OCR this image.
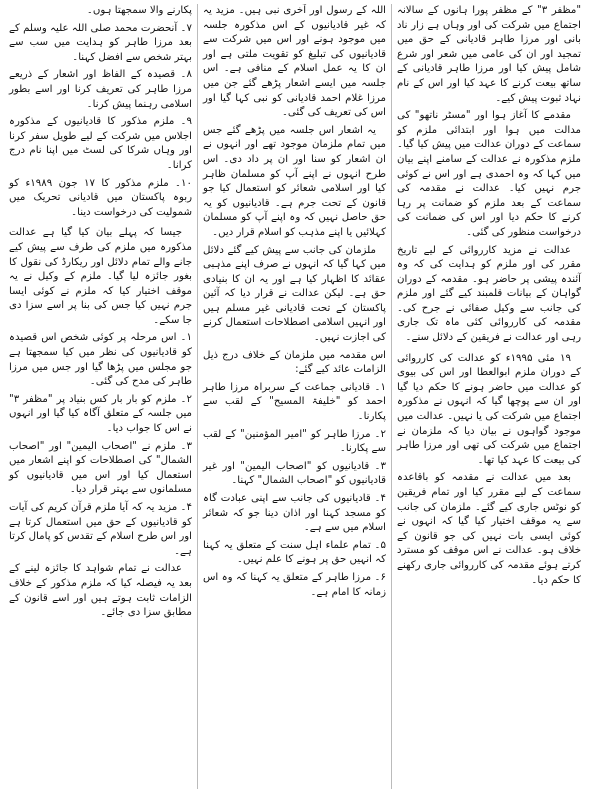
"مظفر ۳" کے مظفر پورا ہانوں کے سالانہ اجتماع میں شرکت کی اور وہاں ہے زار ناد بانی اور مرزا طاہر قادیانی کے حق میں تمجید اور ان کی عامی میں شعر اور شرع شامل پیش کیا اور مرزا طاہر قادیانی کے ساتھ بیعت کرنے کا عہد کیا اور اس کے نام نہاد ثبوت پیش کیے۔

مقدمے کا آغاز ہوا اور "مسٹر ناتھو" کی مدالت میں ہوا اور ابتدائی ملزم کو سماعت کے دوران عدالت میں پیش کیا گیا۔ ملزم مذکورہ نے عدالت کے سامنے اپنے بیان میں کہا کہ وہ احمدی ہے اور اس نے کوئی جرم نہیں کیا۔ عدالت نے مقدمہ کی سماعت کے بعد ملزم کو ضمانت پر رہا کرنے کا حکم دیا اور اس کی ضمانت کی درخواست منظور کی گئی۔

عدالت نے مزید کارروائی کے لیے تاریخ مقرر کی اور ملزم کو ہدایت کی کہ وہ آئندہ پیشی پر حاضر ہو۔ مقدمہ کے دوران گواہان کے بیانات قلمبند کیے گئے اور ملزم کی جانب سے وکیل صفائی نے جرح کی۔ مقدمہ کی کارروائی کئی ماہ تک جاری رہی اور عدالت نے فریقین کے دلائل سنے۔

۱۹ مئی ۱۹۹۵ء کو عدالت کی کارروائی کے دوران ملزم ابوالعطا اور اس کی بیوی کو عدالت میں حاضر ہونے کا حکم دیا گیا اور ان سے پوچھا گیا کہ انہوں نے مذکورہ اجتماع میں شرکت کی یا نہیں۔ عدالت میں موجود گواہوں نے بیان دیا کہ ملزمان نے اجتماع میں شرکت کی تھی اور مرزا طاہر کی بیعت کا عہد کیا تھا۔

بعد میں عدالت نے مقدمہ کو باقاعدہ سماعت کے لیے مقرر کیا اور تمام فریقین کو نوٹس جاری کیے گئے۔ ملزمان کی جانب سے یہ موقف اختیار کیا گیا کہ انہوں نے کوئی ایسی بات نہیں کی جو قانون کے خلاف ہو۔ عدالت نے اس موقف کو مسترد کرتے ہوئے مقدمہ کی کارروائی جاری رکھنے کا حکم دیا۔

اللہ کے رسول اور آخری نبی ہیں۔ مزید یہ کہ غیر قادیانیوں کے اس مذکورہ جلسہ میں موجود ہونے اور اس میں شرکت سے قادیانیوں کی تبلیغ کو تقویت ملتی ہے اور ان کا یہ عمل اسلام کے منافی ہے۔ اس جلسہ میں ایسے اشعار پڑھے گئے جن میں مرزا غلام احمد قادیانی کو نبی کہا گیا اور اس کی تعریف کی گئی۔

یہ اشعار اس جلسہ میں پڑھے گئے جس میں تمام ملزمان موجود تھے اور انہوں نے ان اشعار کو سنا اور ان پر داد دی۔ اس طرح انہوں نے اپنے آپ کو مسلمان ظاہر کیا اور اسلامی شعائر کو استعمال کیا جو قانون کے تحت جرم ہے۔ قادیانیوں کو یہ حق حاصل نہیں کہ وہ اپنے آپ کو مسلمان کہلائیں یا اپنے مذہب کو اسلام قرار دیں۔

ملزمان کی جانب سے پیش کیے گئے دلائل میں کہا گیا کہ انہوں نے صرف اپنے مذہبی عقائد کا اظہار کیا ہے اور یہ ان کا بنیادی حق ہے۔ لیکن عدالت نے قرار دیا کہ آئین پاکستان کے تحت قادیانی غیر مسلم ہیں اور انہیں اسلامی اصطلاحات استعمال کرنے کی اجازت نہیں۔

اس مقدمہ میں ملزمان کے خلاف درج ذیل الزامات عائد کیے گئے:

۱۔ قادیانی جماعت کے سربراہ مرزا طاہر احمد کو "خلیفۃ المسیح" کے لقب سے پکارنا۔

۲۔ مرزا طاہر کو "امیر المؤمنین" کے لقب سے پکارنا۔

۳۔ قادیانیوں کو "اصحاب الیمین" اور غیر قادیانیوں کو "اصحاب الشمال" کہنا۔

۴۔ قادیانیوں کی جانب سے اپنی عبادت گاہ کو مسجد کہنا اور اذان دینا جو کہ شعائر اسلام میں سے ہے۔

۵۔ تمام علماء اہل سنت کے متعلق یہ کہنا کہ انہیں حق پر ہونے کا علم نہیں۔

۶۔ مرزا طاہر کے متعلق یہ کہنا کہ وہ اس زمانہ کا امام ہے۔

پکارنے والا سمجھتا ہوں۔

۷۔ آنحضرت محمد صلی اللہ علیہ وسلم کے بعد مرزا طاہر کو ہدایت میں سب سے بہتر شخص سے افضل کہنا۔

۸۔ قصیدہ کے الفاظ اور اشعار کے ذریعے مرزا طاہر کی تعریف کرنا اور اسے بطور اسلامی رہنما پیش کرنا۔

۹۔ ملزم مذکور کا قادیانیوں کے مذکورہ اجلاس میں شرکت کے لیے طویل سفر کرنا اور وہاں شرکا کی لسٹ میں اپنا نام درج کرانا۔

۱۰۔ ملزم مذکور کا ۱۷ جون ۱۹۸۹ء کو ربوہ پاکستان میں قادیانی تحریک میں شمولیت کی درخواست دینا۔

جیسا کہ پہلے بیان کیا گیا ہے عدالت مذکورہ میں ملزم کی طرف سے پیش کیے جانے والے تمام دلائل اور ریکارڈ کی نقول کا بغور جائزہ لیا گیا۔ ملزم کے وکیل نے یہ موقف اختیار کیا کہ ملزم نے کوئی ایسا جرم نہیں کیا جس کی بنا پر اسے سزا دی جا سکے۔

۱۔ اس مرحلہ پر کوئی شخص اس قصیدہ کو قادیانیوں کی نظر میں کیا سمجھتا ہے جو مجلس میں پڑھا گیا اور جس میں مرزا طاہر کی مدح کی گئی۔

۲۔ ملزم کو بار بار کس بنیاد پر "مظفر ۳" میں جلسہ کے متعلق آگاہ کیا گیا اور انہوں نے اس کا جواب دیا۔

۳۔ ملزم نے "اصحاب الیمین" اور "اصحاب الشمال" کی اصطلاحات کو اپنے اشعار میں استعمال کیا اور اس میں قادیانیوں کو مسلمانوں سے بہتر قرار دیا۔

۴۔ مزید یہ کہ آیا ملزم قرآن کریم کی آیات کو قادیانیوں کے حق میں استعمال کرتا ہے اور اس طرح اسلام کے تقدس کو پامال کرتا ہے۔

عدالت نے تمام شواہد کا جائزہ لینے کے بعد یہ فیصلہ کیا کہ ملزم مذکور کے خلاف الزامات ثابت ہوتے ہیں اور اسے قانون کے مطابق سزا دی جائے۔
